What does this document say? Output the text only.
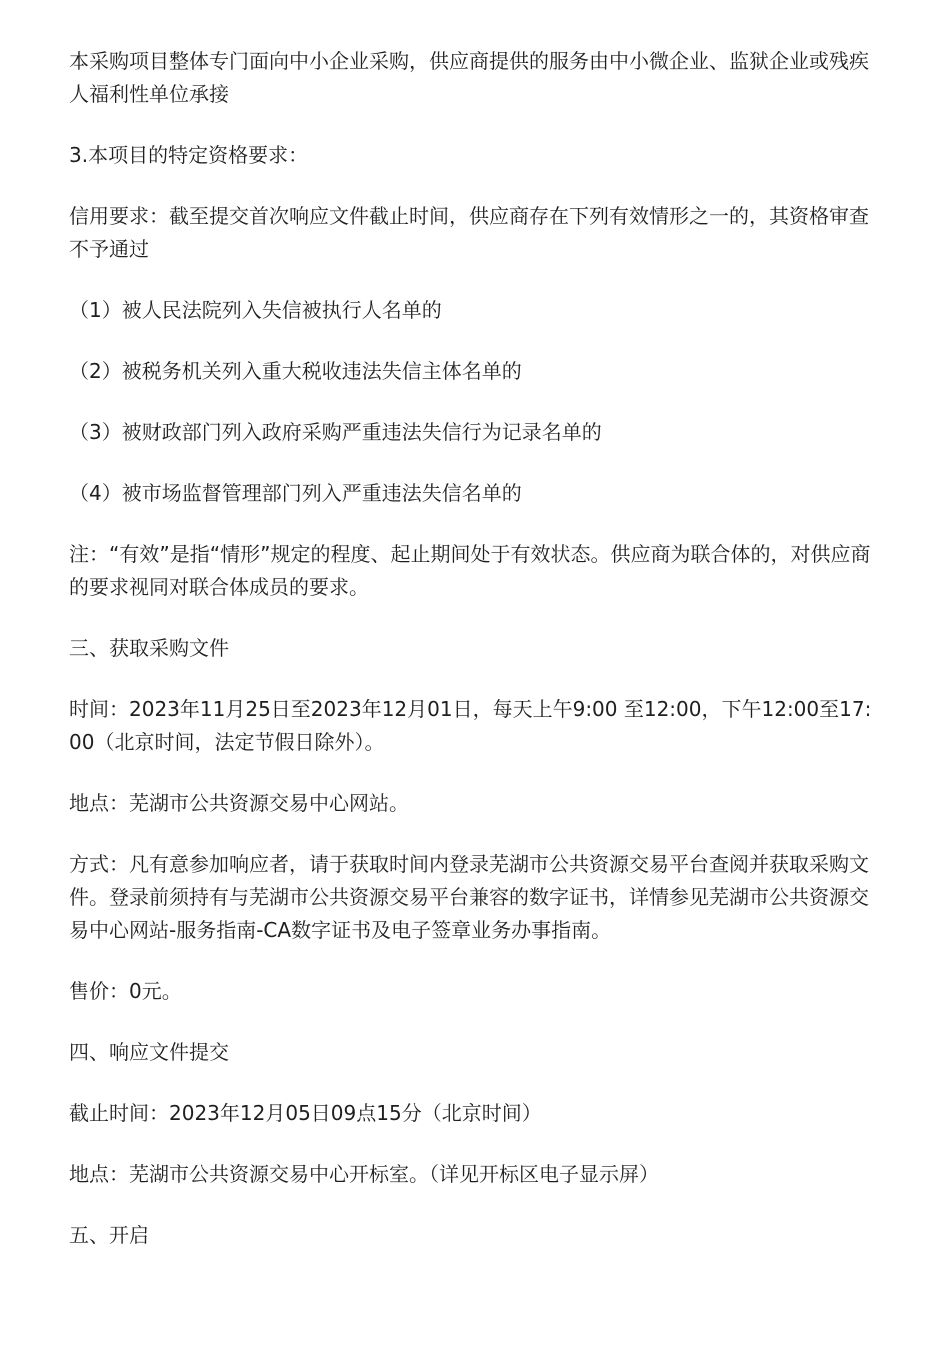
本采购项目整体专门面向中小企业采购，供应商提供的服务由中小微企业、监狱企业或残疾人福利性单位承接

3.本项目的特定资格要求：

信用要求：截至提交首次响应文件截止时间，供应商存在下列有效情形之一的，其资格审查不予通过

（1）被人民法院列入失信被执行人名单的

（2）被税务机关列入重大税收违法失信主体名单的

（3）被财政部门列入政府采购严重违法失信行为记录名单的

（4）被市场监督管理部门列入严重违法失信名单的

注：“有效”是指“情形”规定的程度、起止期间处于有效状态。供应商为联合体的，对供应商的要求视同对联合体成员的要求。

三、获取采购文件

时间：2023年11月25日至2023年12月01日，每天上午9:00 至12:00，下午12:00至17:00（北京时间，法定节假日除外）。

地点：芜湖市公共资源交易中心网站。

方式：凡有意参加响应者，请于获取时间内登录芜湖市公共资源交易平台查阅并获取采购文件。登录前须持有与芜湖市公共资源交易平台兼容的数字证书，详情参见芜湖市公共资源交易中心网站-服务指南-CA数字证书及电子签章业务办事指南。

售价：0元。

四、响应文件提交

截止时间：2023年12月05日09点15分（北京时间）

地点：芜湖市公共资源交易中心开标室。（详见开标区电子显示屏）

五、开启
